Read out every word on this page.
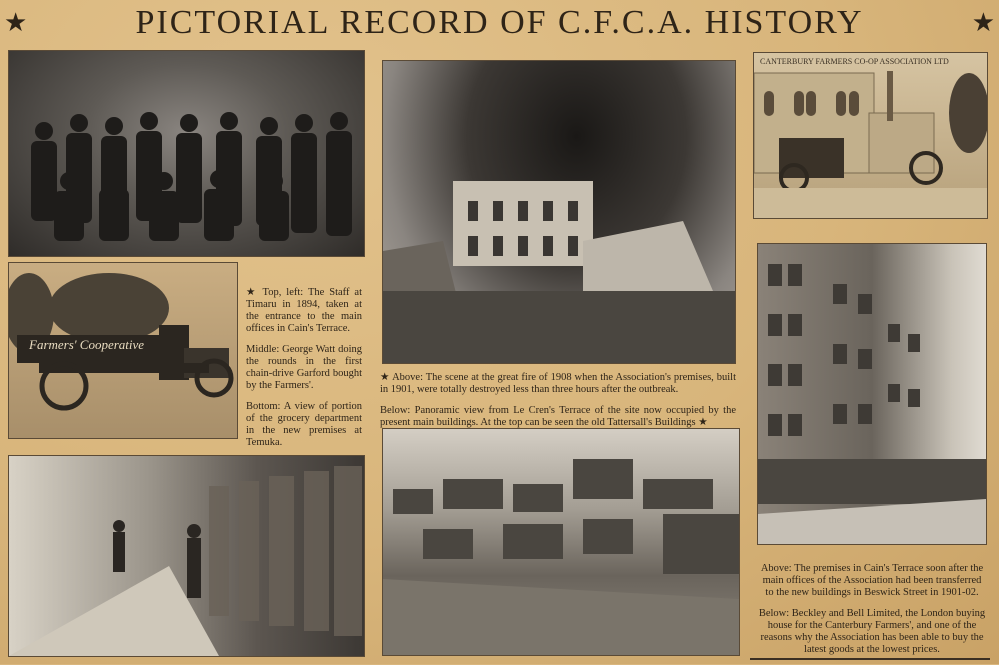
★	PICTORIAL RECORD OF C.F.C.A. HISTORY	★
Farmers' Cooperative

★ Top, left: The Staff at Timaru in 1894, taken at the entrance to the main offices in Cain's Terrace.

Middle: George Watt doing the rounds in the first chain-drive Garford bought by the Farmers'.

Bottom: A view of portion of the grocery department in the new premises at Temuka.

★ Above: The scene at the great fire of 1908 when the Association's premises, built in 1901, were totally destroyed less than three hours after the outbreak.

Below: Panoramic view from Le Cren's Terrace of the site now occupied by the present main buildings. At the top can be seen the old Tattersall's Buildings ★

CANTERBURY FARMERS CO-OP ASSOCIATION LTD

Above: The premises in Cain's Terrace soon after the main offices of the Association had been transferred to the new buildings in Beswick Street in 1901-02.

Below: Beckley and Bell Limited, the London buying house for the Canterbury Farmers', and one of the reasons why the Association has been able to buy the latest goods at the lowest prices.
